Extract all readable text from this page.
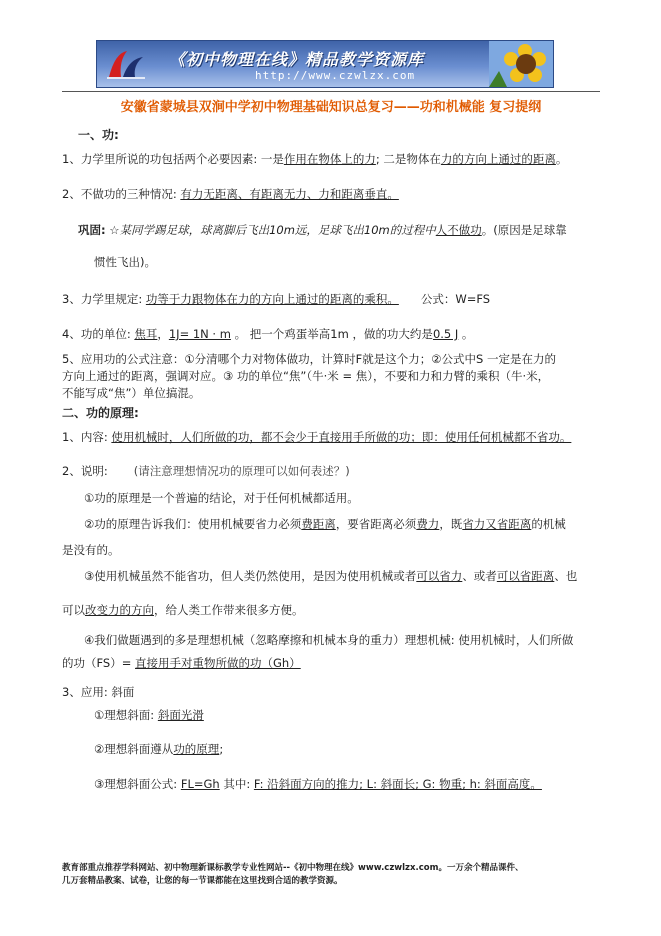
《初中物理在线》精品教学资源库
http://www.czwlzx.com
安徽省蒙城县双涧中学初中物理基础知识总复习——功和机械能 复习提纲
一、功:
1、力学里所说的功包括两个必要因素: 一是作用在物体上的力; 二是物体在力的方向上通过的距离。
2、不做功的三种情况: 有力无距离、有距离无力、力和距离垂直。
巩固: ☆某同学踢足球，球离脚后飞出10m远，足球飞出10m的过程中人不做功。(原因是足球靠
惯性飞出)。
3、力学里规定: 功等于力跟物体在力的方向上通过的距离的乘积。 公式：W=FS
4、功的单位: 焦耳，1J= 1N · m 。 把一个鸡蛋举高1m ，做的功大约是0.5 J 。
5、应用功的公式注意：①分清哪个力对物体做功，计算时F就是这个力；②公式中S 一定是在力的
方向上通过的距离，强调对应。③ 功的单位“焦”（牛·米 = 焦），不要和力和力臂的乘积（牛·米，
不能写成“焦”）单位搞混。
二、功的原理:
1、内容: 使用机械时，人们所做的功，都不会少于直接用手所做的功；即：使用任何机械都不省功。
2、说明: (请注意理想情况功的原理可以如何表述？)
①功的原理是一个普遍的结论，对于任何机械都适用。
②功的原理告诉我们：使用机械要省力必须费距离，要省距离必须费力，既省力又省距离的机械
是没有的。
③使用机械虽然不能省功，但人类仍然使用，是因为使用机械或者可以省力、或者可以省距离、也
可以改变力的方向，给人类工作带来很多方便。
④我们做题遇到的多是理想机械（忽略摩擦和机械本身的重力）理想机械: 使用机械时，人们所做
的功（FS）= 直接用手对重物所做的功（Gh）
3、应用: 斜面
①理想斜面: 斜面光滑
②理想斜面遵从功的原理;
③理想斜面公式: FL=Gh 其中: F: 沿斜面方向的推力; L: 斜面长; G: 物重; h: 斜面高度。
教育部重点推荐学科网站、初中物理新课标教学专业性网站--《初中物理在线》www.czwlzx.com。一万余个精品课件、
几万套精品教案、试卷，让您的每一节课都能在这里找到合适的教学资源。
